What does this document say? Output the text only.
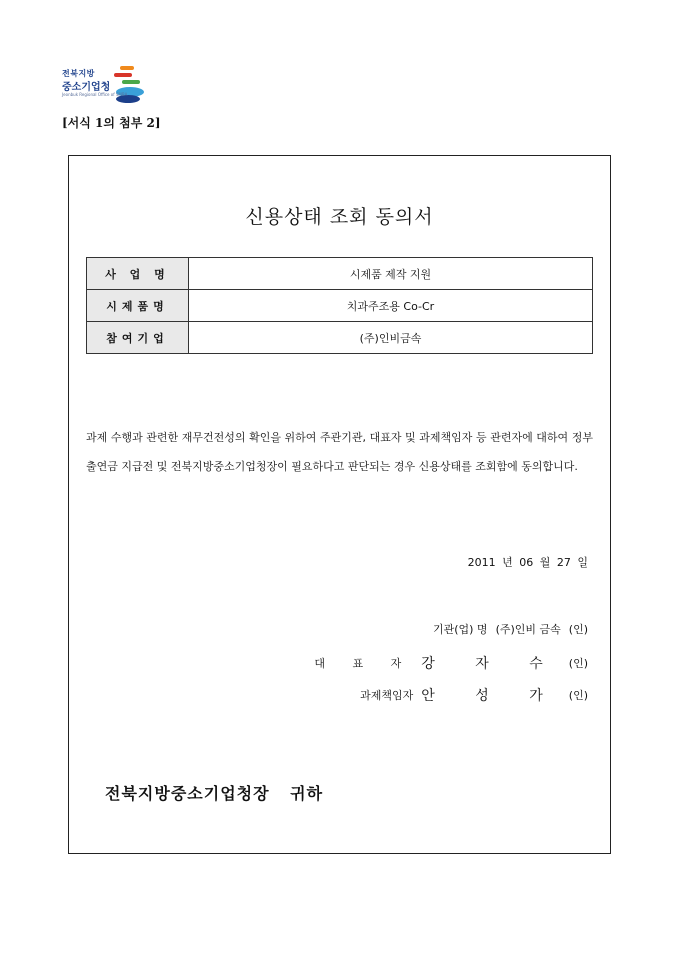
전북지방
중소기업청
Jeonbuk Regional Office of SMBA
[서식 1의 첨부 2]
신용상태 조회 동의서
사 업 명	시제품 제작 지원
시제품명	치과주조용 Co-Cr
참여기업	(주)인비금속

과제 수행과 관련한 재무건전성의 확인을 위하여 주관기관, 대표자 및 과제책임자 등 관련자에 대하여 정부출연금 지급전 및 전북지방중소기업청장이 필요하다고 판단되는 경우 신용상태를 조회함에 동의합니다.

2011 년 06 월 27 일
기관(업) 명 (주)인비 금속 (인)
대 표 자 강 자 수 (인)
과제책임자 안 성 가 (인)
전북지방중소기업청장 귀하
